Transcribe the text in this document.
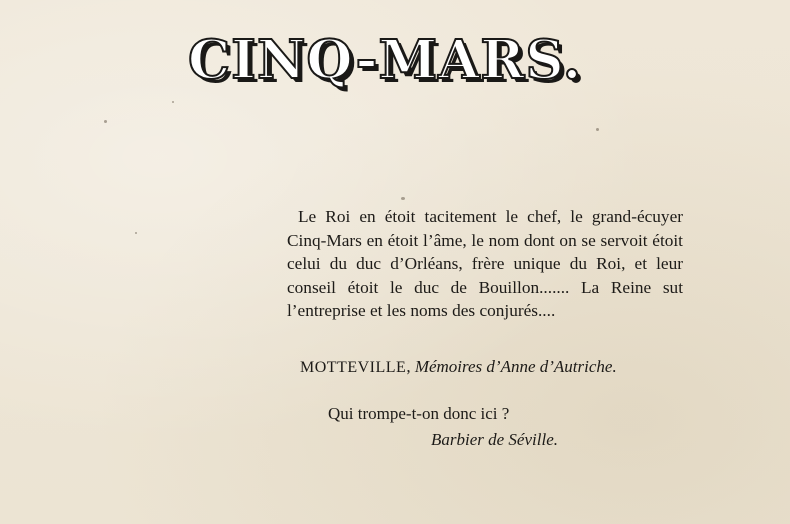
CINQ-MARS.

Le Roi en étoit tacitement le chef, le grand-écuyer Cinq-Mars en étoit l’âme, le nom dont on se servoit étoit celui du duc d’Orléans, frère unique du Roi, et leur conseil étoit le duc de Bouillon....... La Reine sut l’entreprise et les noms des conjurés....

MOTTEVILLE, Mémoires d’Anne d’Autriche.
Qui trompe-t-on donc ici ?
Barbier de Séville.
